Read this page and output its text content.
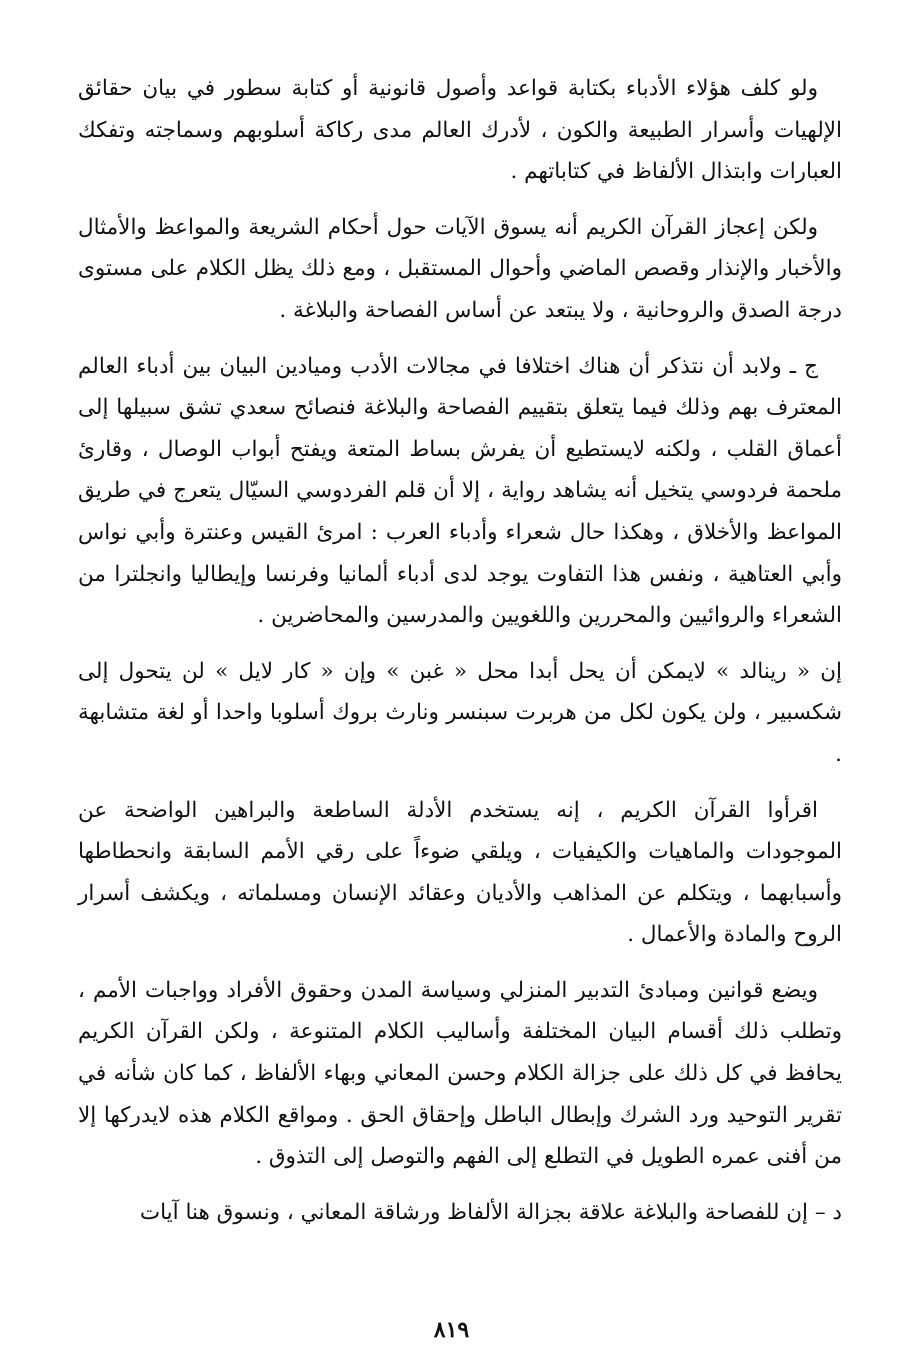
ولو كلف هؤلاء الأدباء بكتابة قواعد وأصول قانونية أو كتابة سطور في بيان حقائق الإلهيات وأسرار الطبيعة والكون ، لأدرك العالم مدى ركاكة أسلوبهم وسماجته وتفكك العبارات وابتذال الألفاظ في كتاباتهم .

ولكن إعجاز القرآن الكريم أنه يسوق الآيات حول أحكام الشريعة والمواعظ والأمثال والأخبار والإنذار وقصص الماضي وأحوال المستقبل ، ومع ذلك يظل الكلام على مستوى درجة الصدق والروحانية ، ولا يبتعد عن أساس الفصاحة والبلاغة .

ج ـ ولابد أن نتذكر أن هناك اختلافا في مجالات الأدب وميادين البيان بين أدباء العالم المعترف بهم وذلك فيما يتعلق بتقييم الفصاحة والبلاغة فنصائح سعدي تشق سبيلها إلى أعماق القلب ، ولكنه لايستطيع أن يفرش بساط المتعة ويفتح أبواب الوصال ، وقارئ ملحمة فردوسي يتخيل أنه يشاهد رواية ، إلا أن قلم الفردوسي السيّال يتعرج في طريق المواعظ والأخلاق ، وهكذا حال شعراء وأدباء العرب : امرئ القيس وعنترة وأبي نواس وأبي العتاهية ، ونفس هذا التفاوت يوجد لدى أدباء ألمانيا وفرنسا وإيطاليا وانجلترا من الشعراء والروائيين والمحررين واللغويين والمدرسين والمحاضرين .

إن « رينالد » لايمكن أن يحل أبدا محل « غبن » وإن « كار لايل » لن يتحول إلى شكسبير ، ولن يكون لكل من هربرت سبنسر ونارث بروك أسلوبا واحدا أو لغة متشابهة .

اقرأوا القرآن الكريم ، إنه يستخدم الأدلة الساطعة والبراهين الواضحة عن الموجودات والماهيات والكيفيات ، ويلقي ضوءاً على رقي الأمم السابقة وانحطاطها وأسبابهما ، ويتكلم عن المذاهب والأديان وعقائد الإنسان ومسلماته ، ويكشف أسرار الروح والمادة والأعمال .

ويضع قوانين ومبادئ التدبير المنزلي وسياسة المدن وحقوق الأفراد وواجبات الأمم ، وتطلب ذلك أقسام البيان المختلفة وأساليب الكلام المتنوعة ، ولكن القرآن الكريم يحافظ في كل ذلك على جزالة الكلام وحسن المعاني وبهاء الألفاظ ، كما كان شأنه في تقرير التوحيد ورد الشرك وإبطال الباطل وإحقاق الحق . ومواقع الكلام هذه لايدركها إلا من أفنى عمره الطويل في التطلع إلى الفهم والتوصل إلى التذوق .

د – إن للفصاحة والبلاغة علاقة بجزالة الألفاظ ورشاقة المعاني ، ونسوق هنا آيات

٨١٩
